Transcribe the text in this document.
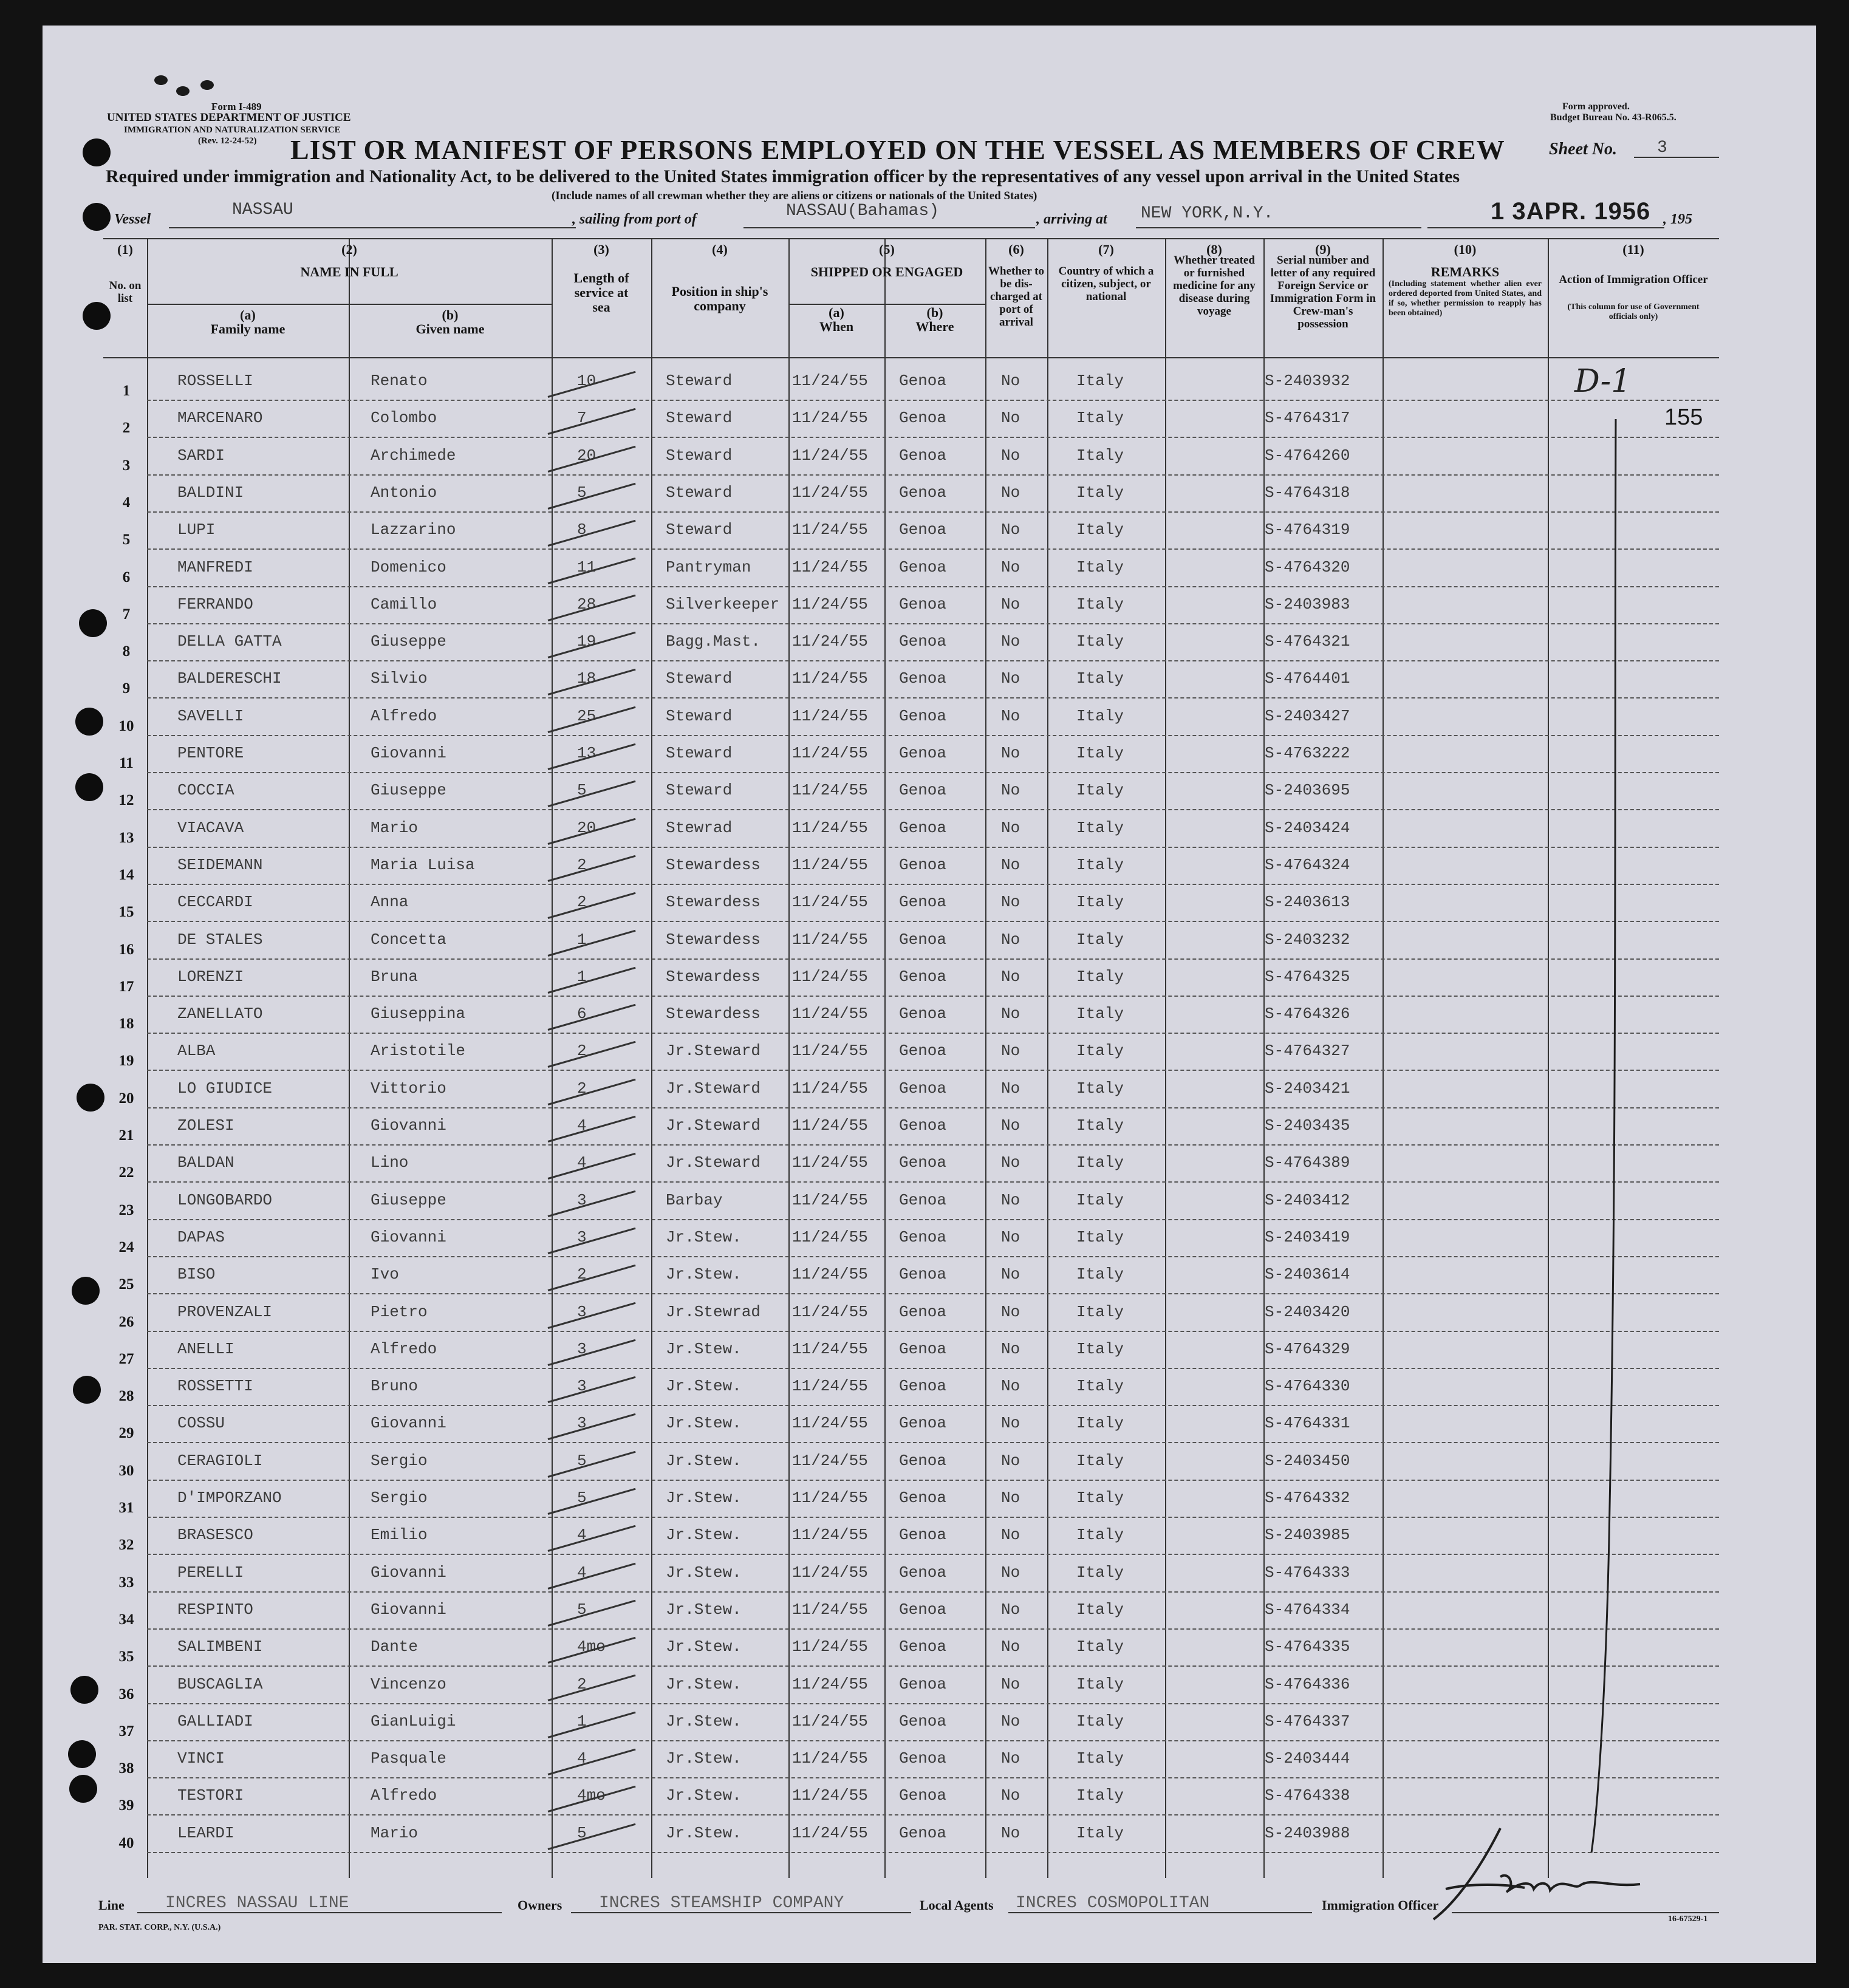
Form I-489
UNITED STATES DEPARTMENT OF JUSTICE
IMMIGRATION AND NATURALIZATION SERVICE
(Rev. 12-24-52)
Form approved.
Budget Bureau No. 43-R065.5.
LIST OR MANIFEST OF PERSONS EMPLOYED ON THE VESSEL AS MEMBERS OF CREW	Sheet No. 3
Required under immigration and Nationality Act, to be delivered to the United States immigration officer by the representatives of any vessel upon arrival in the United States
(Include names of all crewman whether they are aliens or citizens or nationals of the United States)
Vessel	NASSAU	, sailing from port of	NASSAU(Bahamas)	, arriving at NEW YORK,N.Y.	1 3APR. 1956 , 195
(1)
No. on list
(2)
NAME IN FULL
(a)
Family name
(b)
Given name
(3)
Length of service at sea
(4)
Position in ship's company
(5)
SHIPPED OR ENGAGED
(a)
When
(b)
Where
(6)
Whether to be dis-charged at port of arrival
(7)
Country of which a citizen, subject, or national
(8)
Whether treated or furnished medicine for any disease during voyage
(9)
Serial number and letter of any required Foreign Service or Immigration Form in Crew-man's possession
(10)
REMARKS
(Including statement whether alien ever ordered deported from United States, and if so, whether permission to reapply has been obtained)
(11)
Action of Immigration Officer
(This column for use of Government officials only)
1
ROSSELLI	Renato	10	Steward	11/24/55 Genoa	No	Italy	S-2403932
2
MARCENARO	Colombo	7	Steward	11/24/55 Genoa	No	Italy	S-4764317
3
SARDI	Archimede	20	Steward	11/24/55 Genoa	No	Italy	S-4764260
4
BALDINI	Antonio	5	Steward	11/24/55 Genoa	No	Italy	S-4764318
5
LUPI	Lazzarino	8	Steward	11/24/55 Genoa	No	Italy	S-4764319
6
MANFREDI	Domenico	11	Pantryman	11/24/55 Genoa	No	Italy	S-4764320
7
FERRANDO	Camillo	28	Silverkeeper 11/24/55 Genoa	No	Italy	S-2403983
8
DELLA GATTA	Giuseppe	19	Bagg.Mast. 11/24/55 Genoa	No	Italy	S-4764321
9
BALDERESCHI	Silvio	18	Steward	11/24/55 Genoa	No	Italy	S-4764401
10
SAVELLI	Alfredo	25	Steward	11/24/55 Genoa	No	Italy	S-2403427
11
PENTORE	Giovanni	13	Steward	11/24/55 Genoa	No	Italy	S-4763222
12
COCCIA	Giuseppe	5	Steward	11/24/55 Genoa	No	Italy	S-2403695
13
VIACAVA	Mario	20	Stewrad	11/24/55 Genoa	No	Italy	S-2403424
14
SEIDEMANN	Maria Luisa	2	Stewardess 11/24/55 Genoa	No	Italy	S-4764324
15
CECCARDI	Anna	2	Stewardess 11/24/55 Genoa	No	Italy	S-2403613
16
DE STALES	Concetta	1	Stewardess 11/24/55 Genoa	No	Italy	S-2403232
17
LORENZI	Bruna	1	Stewardess 11/24/55 Genoa	No	Italy	S-4764325
18
ZANELLATO	Giuseppina	6	Stewardess 11/24/55 Genoa	No	Italy	S-4764326
19
ALBA	Aristotile	2	Jr.Steward 11/24/55 Genoa	No	Italy	S-4764327
20
LO GIUDICE	Vittorio	2	Jr.Steward 11/24/55 Genoa	No	Italy	S-2403421
21
ZOLESI	Giovanni	4	Jr.Steward 11/24/55 Genoa	No	Italy	S-2403435
22
BALDAN	Lino	4	Jr.Steward 11/24/55 Genoa	No	Italy	S-4764389
23
LONGOBARDO	Giuseppe	3	Barbay	11/24/55 Genoa	No	Italy	S-2403412
24
DAPAS	Giovanni	3	Jr.Stew.	11/24/55 Genoa	No	Italy	S-2403419
25
BISO	Ivo	2	Jr.Stew.	11/24/55 Genoa	No	Italy	S-2403614
26
PROVENZALI	Pietro	3	Jr.Stewrad 11/24/55 Genoa	No	Italy	S-2403420
27
ANELLI	Alfredo	3	Jr.Stew.	11/24/55 Genoa	No	Italy	S-4764329
28
ROSSETTI	Bruno	3	Jr.Stew.	11/24/55 Genoa	No	Italy	S-4764330
29
COSSU	Giovanni	3	Jr.Stew.	11/24/55 Genoa	No	Italy	S-4764331
30
CERAGIOLI	Sergio	5	Jr.Stew.	11/24/55 Genoa	No	Italy	S-2403450
31
D'IMPORZANO	Sergio	5	Jr.Stew.	11/24/55 Genoa	No	Italy	S-4764332
32
BRASESCO	Emilio	4	Jr.Stew.	11/24/55 Genoa	No	Italy	S-2403985
33
PERELLI	Giovanni	4	Jr.Stew.	11/24/55 Genoa	No	Italy	S-4764333
34
RESPINTO	Giovanni	5	Jr.Stew.	11/24/55 Genoa	No	Italy	S-4764334
35
SALIMBENI	Dante	4mo	Jr.Stew.	11/24/55 Genoa	No	Italy	S-4764335
36
BUSCAGLIA	Vincenzo	2	Jr.Stew.	11/24/55 Genoa	No	Italy	S-4764336
37
GALLIADI	GianLuigi	1	Jr.Stew.	11/24/55 Genoa	No	Italy	S-4764337
38
VINCI	Pasquale	4	Jr.Stew.	11/24/55 Genoa	No	Italy	S-2403444
39
TESTORI	Alfredo	4mo	Jr.Stew.	11/24/55 Genoa	No	Italy	S-4764338
40
LEARDI	Mario	5	Jr.Stew.	11/24/55 Genoa	No	Italy	S-2403988
D-1
155
Line INCRES NASSAU LINE	Owners INCRES STEAMSHIP COMPANY	Local Agents INCRES COSMOPOLITAN	Immigration Officer
PAR. STAT. CORP., N.Y. (U.S.A.)
16-67529-1
